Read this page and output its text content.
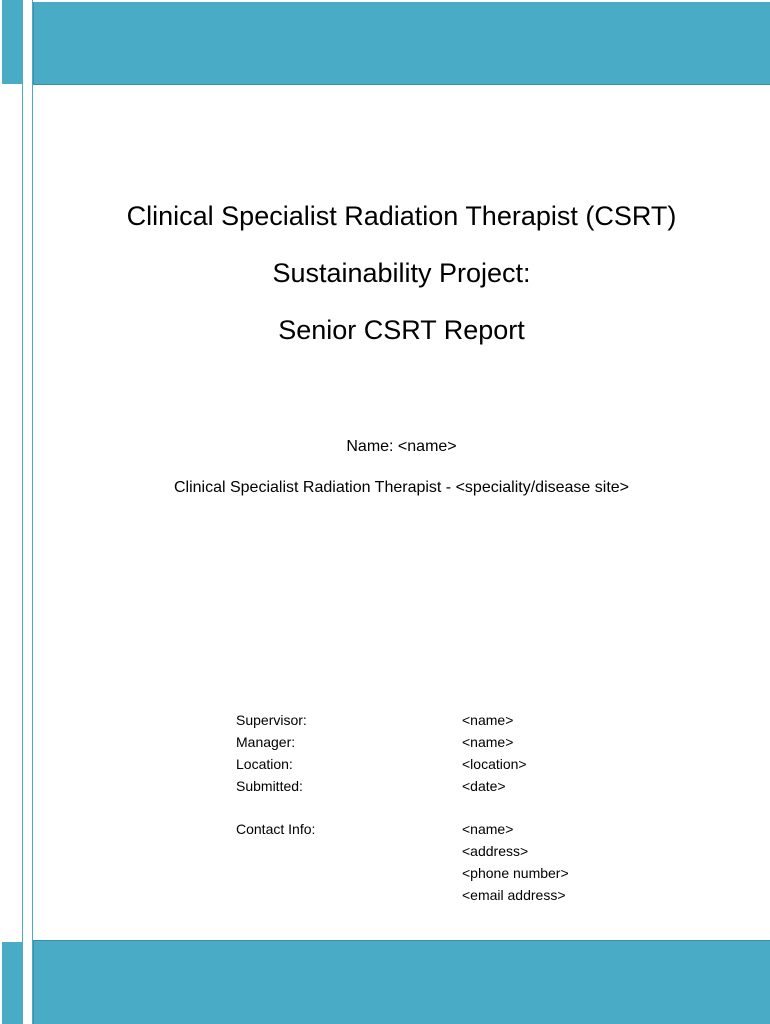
Clinical Specialist Radiation Therapist (CSRT)
Sustainability Project:
Senior CSRT Report
Name: <name>
Clinical Specialist Radiation Therapist - <speciality/disease site>
Supervisor:	<name>
Manager:	<name>
Location:	<location>
Submitted:	<date>
Contact Info:	<name>
<address>
<phone number>
<email address>
